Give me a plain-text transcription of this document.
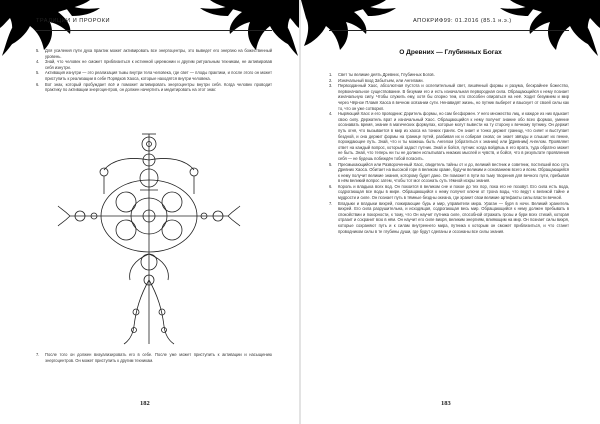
ТРАДИЦИИ И ПРОРОКИ
5.	Для усиления пути духа практик может активировать все энергоцентры, это выведет его энергию на божественный уровень.
4.	Знай, что человек не сможет приблизиться к истинной церемонии и другим ритуальным техникам, не активировав себя изнутри.
5.	Активация изнутри — это реализация тьмы внутри тела человека, где свет — плоды практики, и после этого он может приступить к реализации в себе Порядков Хаоса, которые находятся внутри человека.
6.	Вот знак, который пробуждает всё и поможет активировать энергоцентры внутри себя. Когда человек проводит практику по активации энергоцентров, он должен начертить и медитировать на этот знак:
7.	После того он должен визуализировать его в себе. После уже может приступить к активации и насыщению энергоцентров. Он может приступить к другим техникам.
182
АПОКРИФ99: 01.2016 (85.1 н.э.)
О Древних — Глубинных Богах
1.	Свет ты великие деять Древних, Глубинных Богов.
2.	Изначальный вход Забытьем, или Ангелами.
3.	Первозданный Хаос, абсолютная пустота и ослепительный свет, лишённый формы и разума, бескрайнее божество, первоначальное существование. В безумии его и есть изначальная первородная сила. Обращающийся к нему познает изначальную силу. Чтобы служить ему, хотя бы спорно тем, кто способен опираться на неё. Ходит безумием и мир через Чёрное Пламя Хаоса в вечном осязании сути. Ненавидят жизнь, но путник выберет и взыскует от своей силы как то, что он уже сотворил.
4.	Ныряющий Хаос и его проводник: Дэритель формы, но сам бесформен. У него множество лиц, и каждое из них вдыхает свою силу. Держатель врат и изначальный Хаос. Обращающийся к нему получит знание обо всех формах, умение осознавать время, знание в магических формулах, которые могут вывести на ту сторону к вечному путнику. Он держит путь огня, что вызывается в мир из хаоса на тонких гранях. Он знает и тонко держит границу, что сияет и выступает бездной, и она держит формы на границе путей, разбивая их и собирая снова; он знает звёзды и слышит их пение, порождающее путь. Знай, что и ты можешь быть Ангелом (обратиться к знанию) или [Древним] Ангелом. Проявляет ответ на каждый вопрос, который задаст путник. Знай и бойся, путник: когда войдёшь в его врата, туда обратно может не быть. Знай, что теперь ни ты не должен испытывать никаких мыслей и чувств, и бойся, что в результате проявления себя — не будешь побеждён тобой погасить.
5.	Пресмыкающийся или Развороченный Хаос, свидетель тайны от и до, великий вестник и советник, постигший всю суть Древних Хаоса. Обитает на высокой горе в великом храме, будучи великим и основанием всего и всем. Обращающийся к нему получит великие знания, которому будет дано. Он поможет в пути во тьму творения для вечного пути, пребывая в нём великий вопрос затем, чтобы тот мог осознать суть тёмной искры знания.
6.	Король и владыка всех вод. Он покоится в великом сне и покое до тех пор, пока его не позовут. Его сила есть вода, содрогающая все воды в мире. Обращающийся к нему получит ключи от трона воды, что ведут к великой тайне и мудрости и силе. Он познает путь в тёмные бездны океана, где хранит свои великие артефакты силы власти вечной.
7.	Владыки и владыки вихрей, пожирающие бурь и мир, управители мира. Ураган — буря в ночи. Великий хранитель вихрей. Его сила разрушительна, и исходящая, содрогающая весь мир. Обращающийся к нему должен пребывать в спокойствии и покорности, к тому, что Он научит путника силе, способной отражать грозы и бури всех стихий, которая отразит и сохранит всю в нём. Он научит его силе вихря, великим энергиям, влияющим на мир. Он познает силы вихря, которые сохраняют путь и к силам внутреннего мира, путника к которым он сможет приблизиться, и что станет проводником силы в те глубины души, где будут сделаны и осознаны все силы знания.
183
